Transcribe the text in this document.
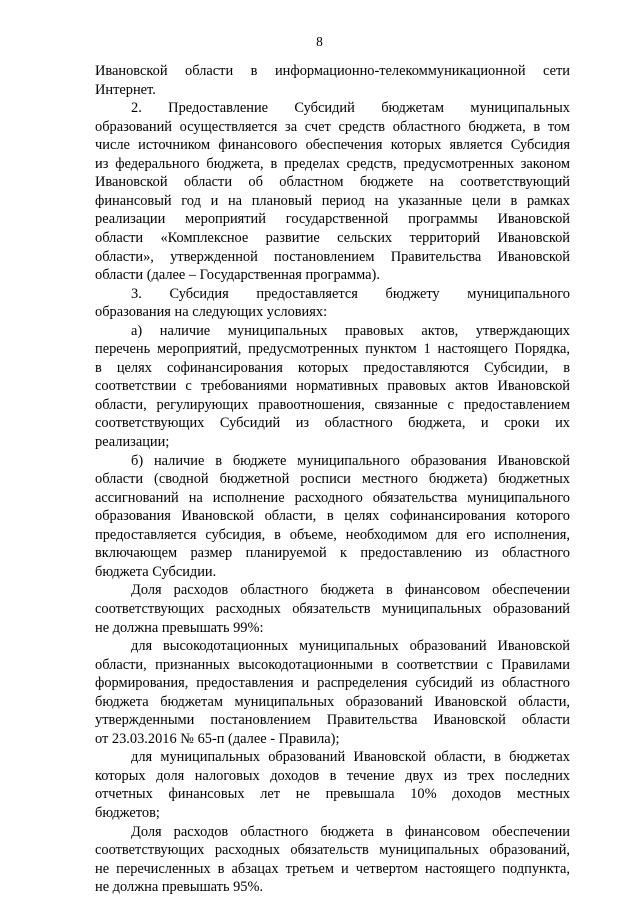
8
Ивановской области в информационно-телекоммуникационной сети
Интернет.
2. Предоставление Субсидий бюджетам муниципальных
образований осуществляется за счет средств областного бюджета, в том
числе источником финансового обеспечения которых является Субсидия
из федерального бюджета, в пределах средств, предусмотренных законом
Ивановской области об областном бюджете на соответствующий
финансовый год и на плановый период на указанные цели в рамках
реализации мероприятий государственной программы Ивановской
области «Комплексное развитие сельских территорий Ивановской
области», утвержденной постановлением Правительства Ивановской
области (далее – Государственная программа).
3. Субсидия предоставляется бюджету муниципального
образования на следующих условиях:
а) наличие муниципальных правовых актов, утверждающих
перечень мероприятий, предусмотренных пунктом 1 настоящего Порядка,
в целях софинансирования которых предоставляются Субсидии, в
соответствии с требованиями нормативных правовых актов Ивановской
области, регулирующих правоотношения, связанные с предоставлением
соответствующих Субсидий из областного бюджета, и сроки их
реализации;
б) наличие в бюджете муниципального образования Ивановской
области (сводной бюджетной росписи местного бюджета) бюджетных
ассигнований на исполнение расходного обязательства муниципального
образования Ивановской области, в целях софинансирования которого
предоставляется субсидия, в объеме, необходимом для его исполнения,
включающем размер планируемой к предоставлению из областного
бюджета Субсидии.
Доля расходов областного бюджета в финансовом обеспечении
соответствующих расходных обязательств муниципальных образований
не должна превышать 99%:
для высокодотационных муниципальных образований Ивановской
области, признанных высокодотационными в соответствии с Правилами
формирования, предоставления и распределения субсидий из областного
бюджета бюджетам муниципальных образований Ивановской области,
утвержденными постановлением Правительства Ивановской области
от 23.03.2016 № 65-п (далее - Правила);
для муниципальных образований Ивановской области, в бюджетах
которых доля налоговых доходов в течение двух из трех последних
отчетных финансовых лет не превышала 10% доходов местных
бюджетов;
Доля расходов областного бюджета в финансовом обеспечении
соответствующих расходных обязательств муниципальных образований,
не перечисленных в абзацах третьем и четвертом настоящего подпункта,
не должна превышать 95%.
